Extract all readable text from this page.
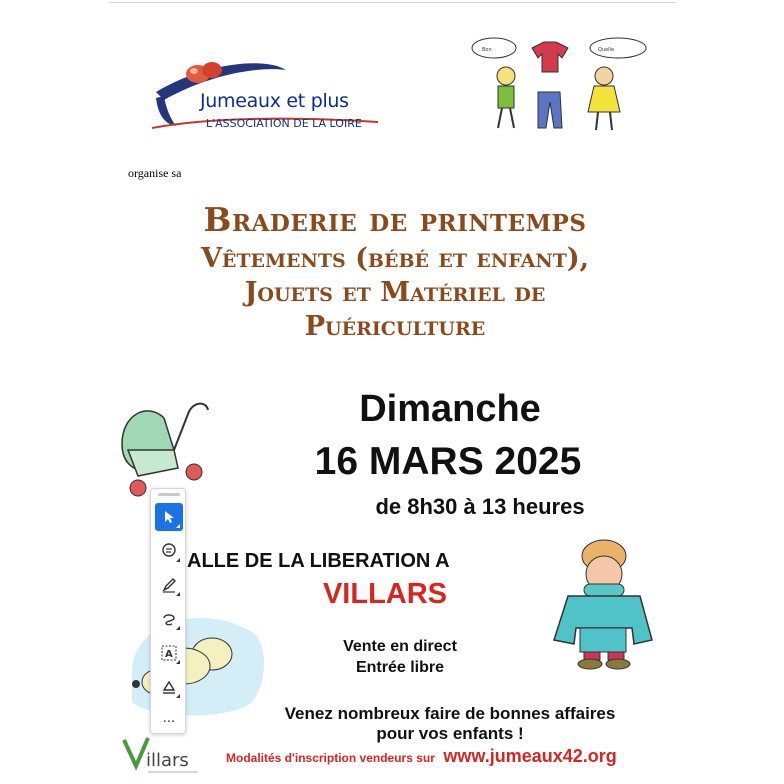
Jumeaux et plus
L'ASSOCIATION DE LA LOIRE
Bon	Quelle
organise sa
Braderie de printemps
Vêtements (bébé et enfant),
Jouets et Matériel de
Puériculture
Dimanche
16 MARS 2025
de 8h30 à 13 heures
ALLE DE LA LIBERATION A
VILLARS
Vente en direct
Entrée libre
Venez nombreux faire de bonnes affaires
pour vos enfants !
illars	Modalités d'inscription vendeurs sur www.jumeaux42.org
A
...
